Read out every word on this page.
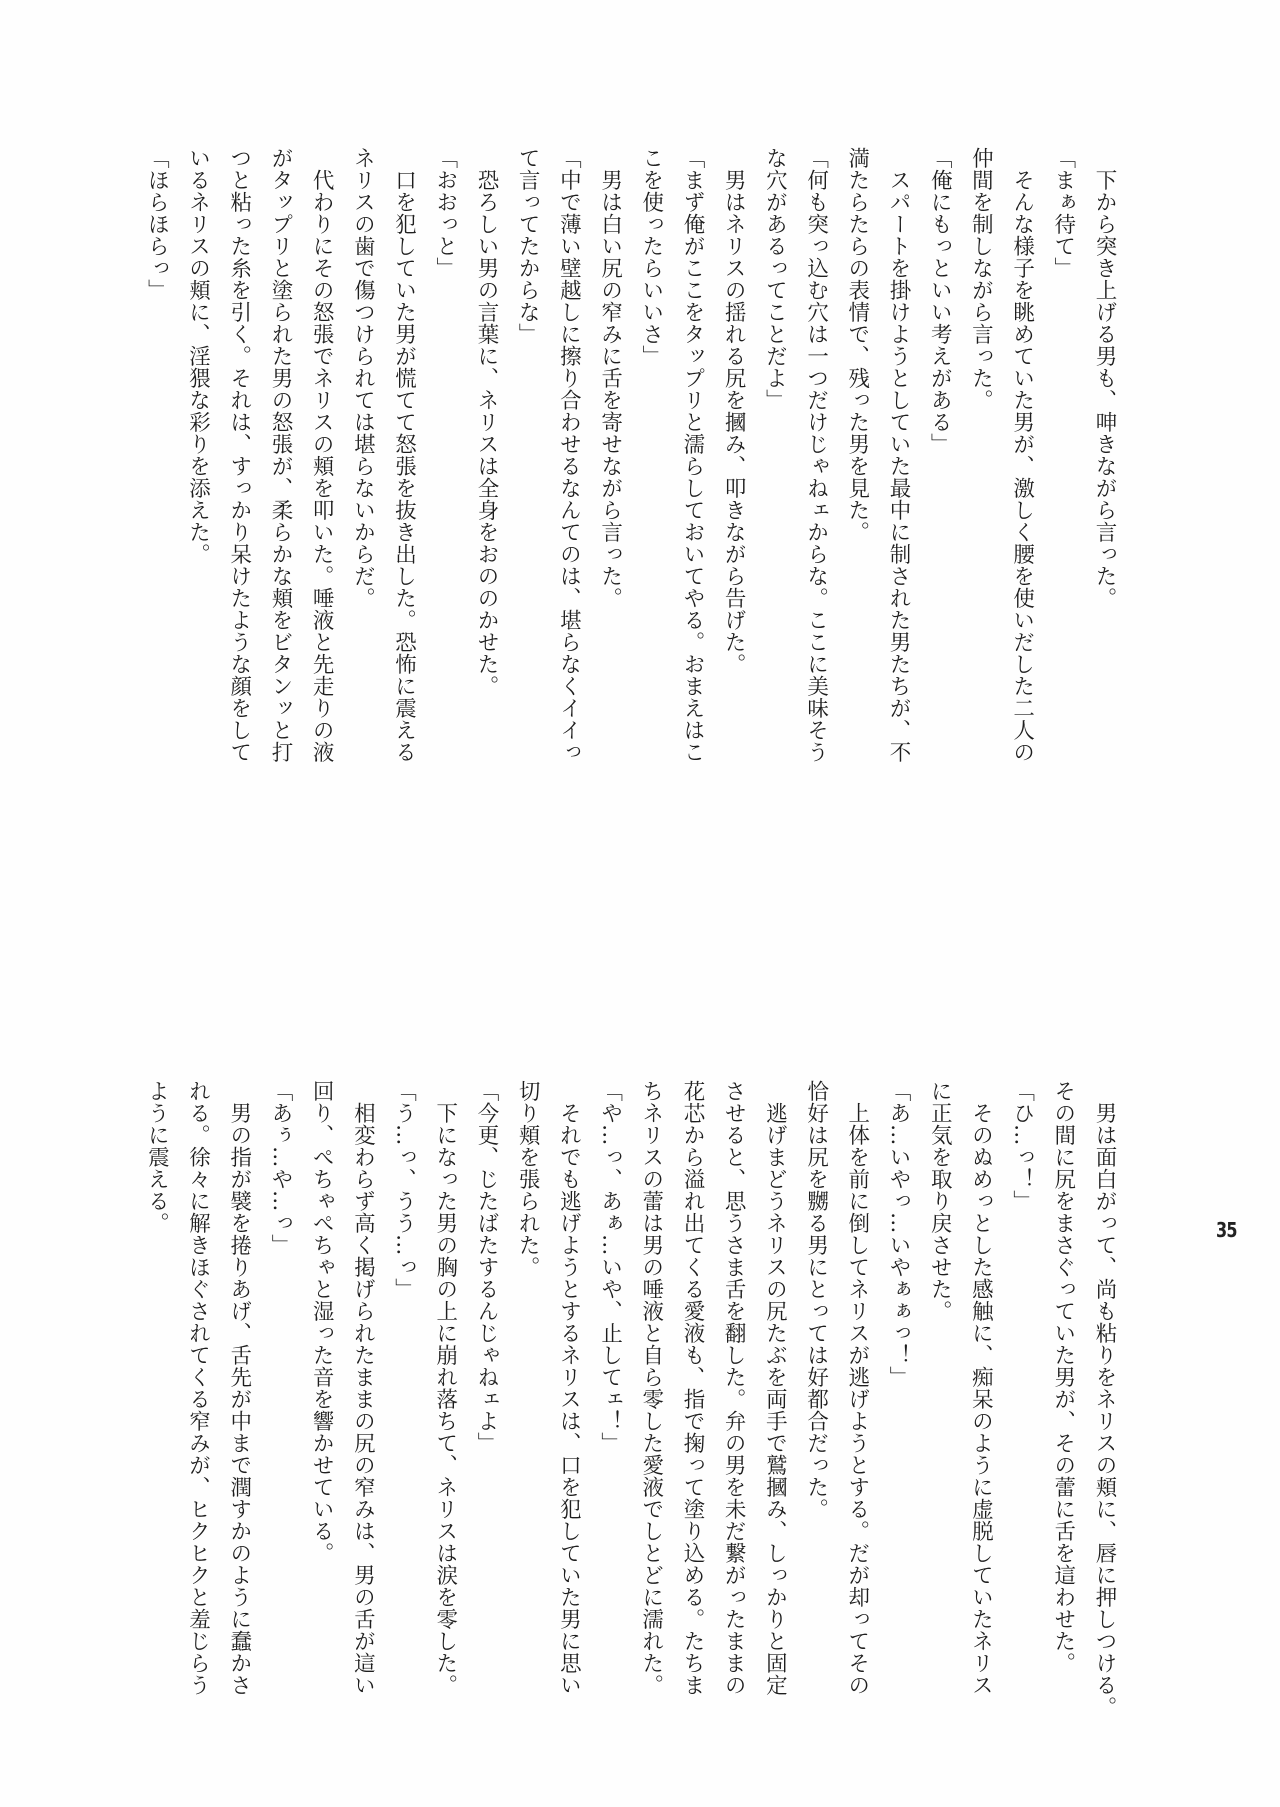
　下から突き上げる男も、呻きながら言った。
「まぁ待て」
　そんな様子を眺めていた男が、激しく腰を使いだした二人の
仲間を制しながら言った。
「俺にもっといい考えがある」
　スパートを掛けようとしていた最中に制された男たちが、不
満たらたらの表情で、残った男を見た。
「何も突っ込む穴は一つだけじゃねェからな。ここに美味そう
な穴があるってことだよ」
　男はネリスの揺れる尻を摑み、叩きながら告げた。
「まず俺がここをタップリと濡らしておいてやる。おまえはこ
こを使ったらいいさ」
　男は白い尻の窄みに舌を寄せながら言った。
「中で薄い壁越しに擦り合わせるなんてのは、堪らなくイイっ
て言ってたからな」
　恐ろしい男の言葉に、ネリスは全身をおののかせた。
「おおっと」
　口を犯していた男が慌てて怒張を抜き出した。恐怖に震える
ネリスの歯で傷つけられては堪らないからだ。
　代わりにその怒張でネリスの頬を叩いた。唾液と先走りの液
がタップリと塗られた男の怒張が、柔らかな頬をビタンッと打
つと粘った糸を引く。それは、すっかり呆けたような顔をして
いるネリスの頬に、淫猥な彩りを添えた。
「ほらほらっ」
　男は面白がって、尚も粘りをネリスの頬に、唇に押しつける。
その間に尻をまさぐっていた男が、その蕾に舌を這わせた。
「ひ…っ！」
　そのぬめっとした感触に、痴呆のように虚脱していたネリス
に正気を取り戻させた。
「あ…いやっ…いやぁぁっ！」
　上体を前に倒してネリスが逃げようとする。だが却ってその
恰好は尻を嬲る男にとっては好都合だった。
　逃げまどうネリスの尻たぶを両手で鷲摑み、しっかりと固定
させると、思うさま舌を翻した。弁の男を未だ繋がったままの
花芯から溢れ出てくる愛液も、指で掬って塗り込める。たちま
ちネリスの蕾は男の唾液と自ら零した愛液でしとどに濡れた。
「や…っ、あぁ…いや、止してェ！」
　それでも逃げようとするネリスは、口を犯していた男に思い
切り頬を張られた。
「今更、じたばたするんじゃねェよ」
　下になった男の胸の上に崩れ落ちて、ネリスは涙を零した。
「う…っ、うう…っ」
　相変わらず高く掲げられたままの尻の窄みは、男の舌が這い
回り、ぺちゃぺちゃと湿った音を響かせている。
「あぅ…や…っ」
　男の指が襞を捲りあげ、舌先が中まで潤すかのように蠢かさ
れる。徐々に解きほぐされてくる窄みが、ヒクヒクと羞じらう
ように震える。	35
